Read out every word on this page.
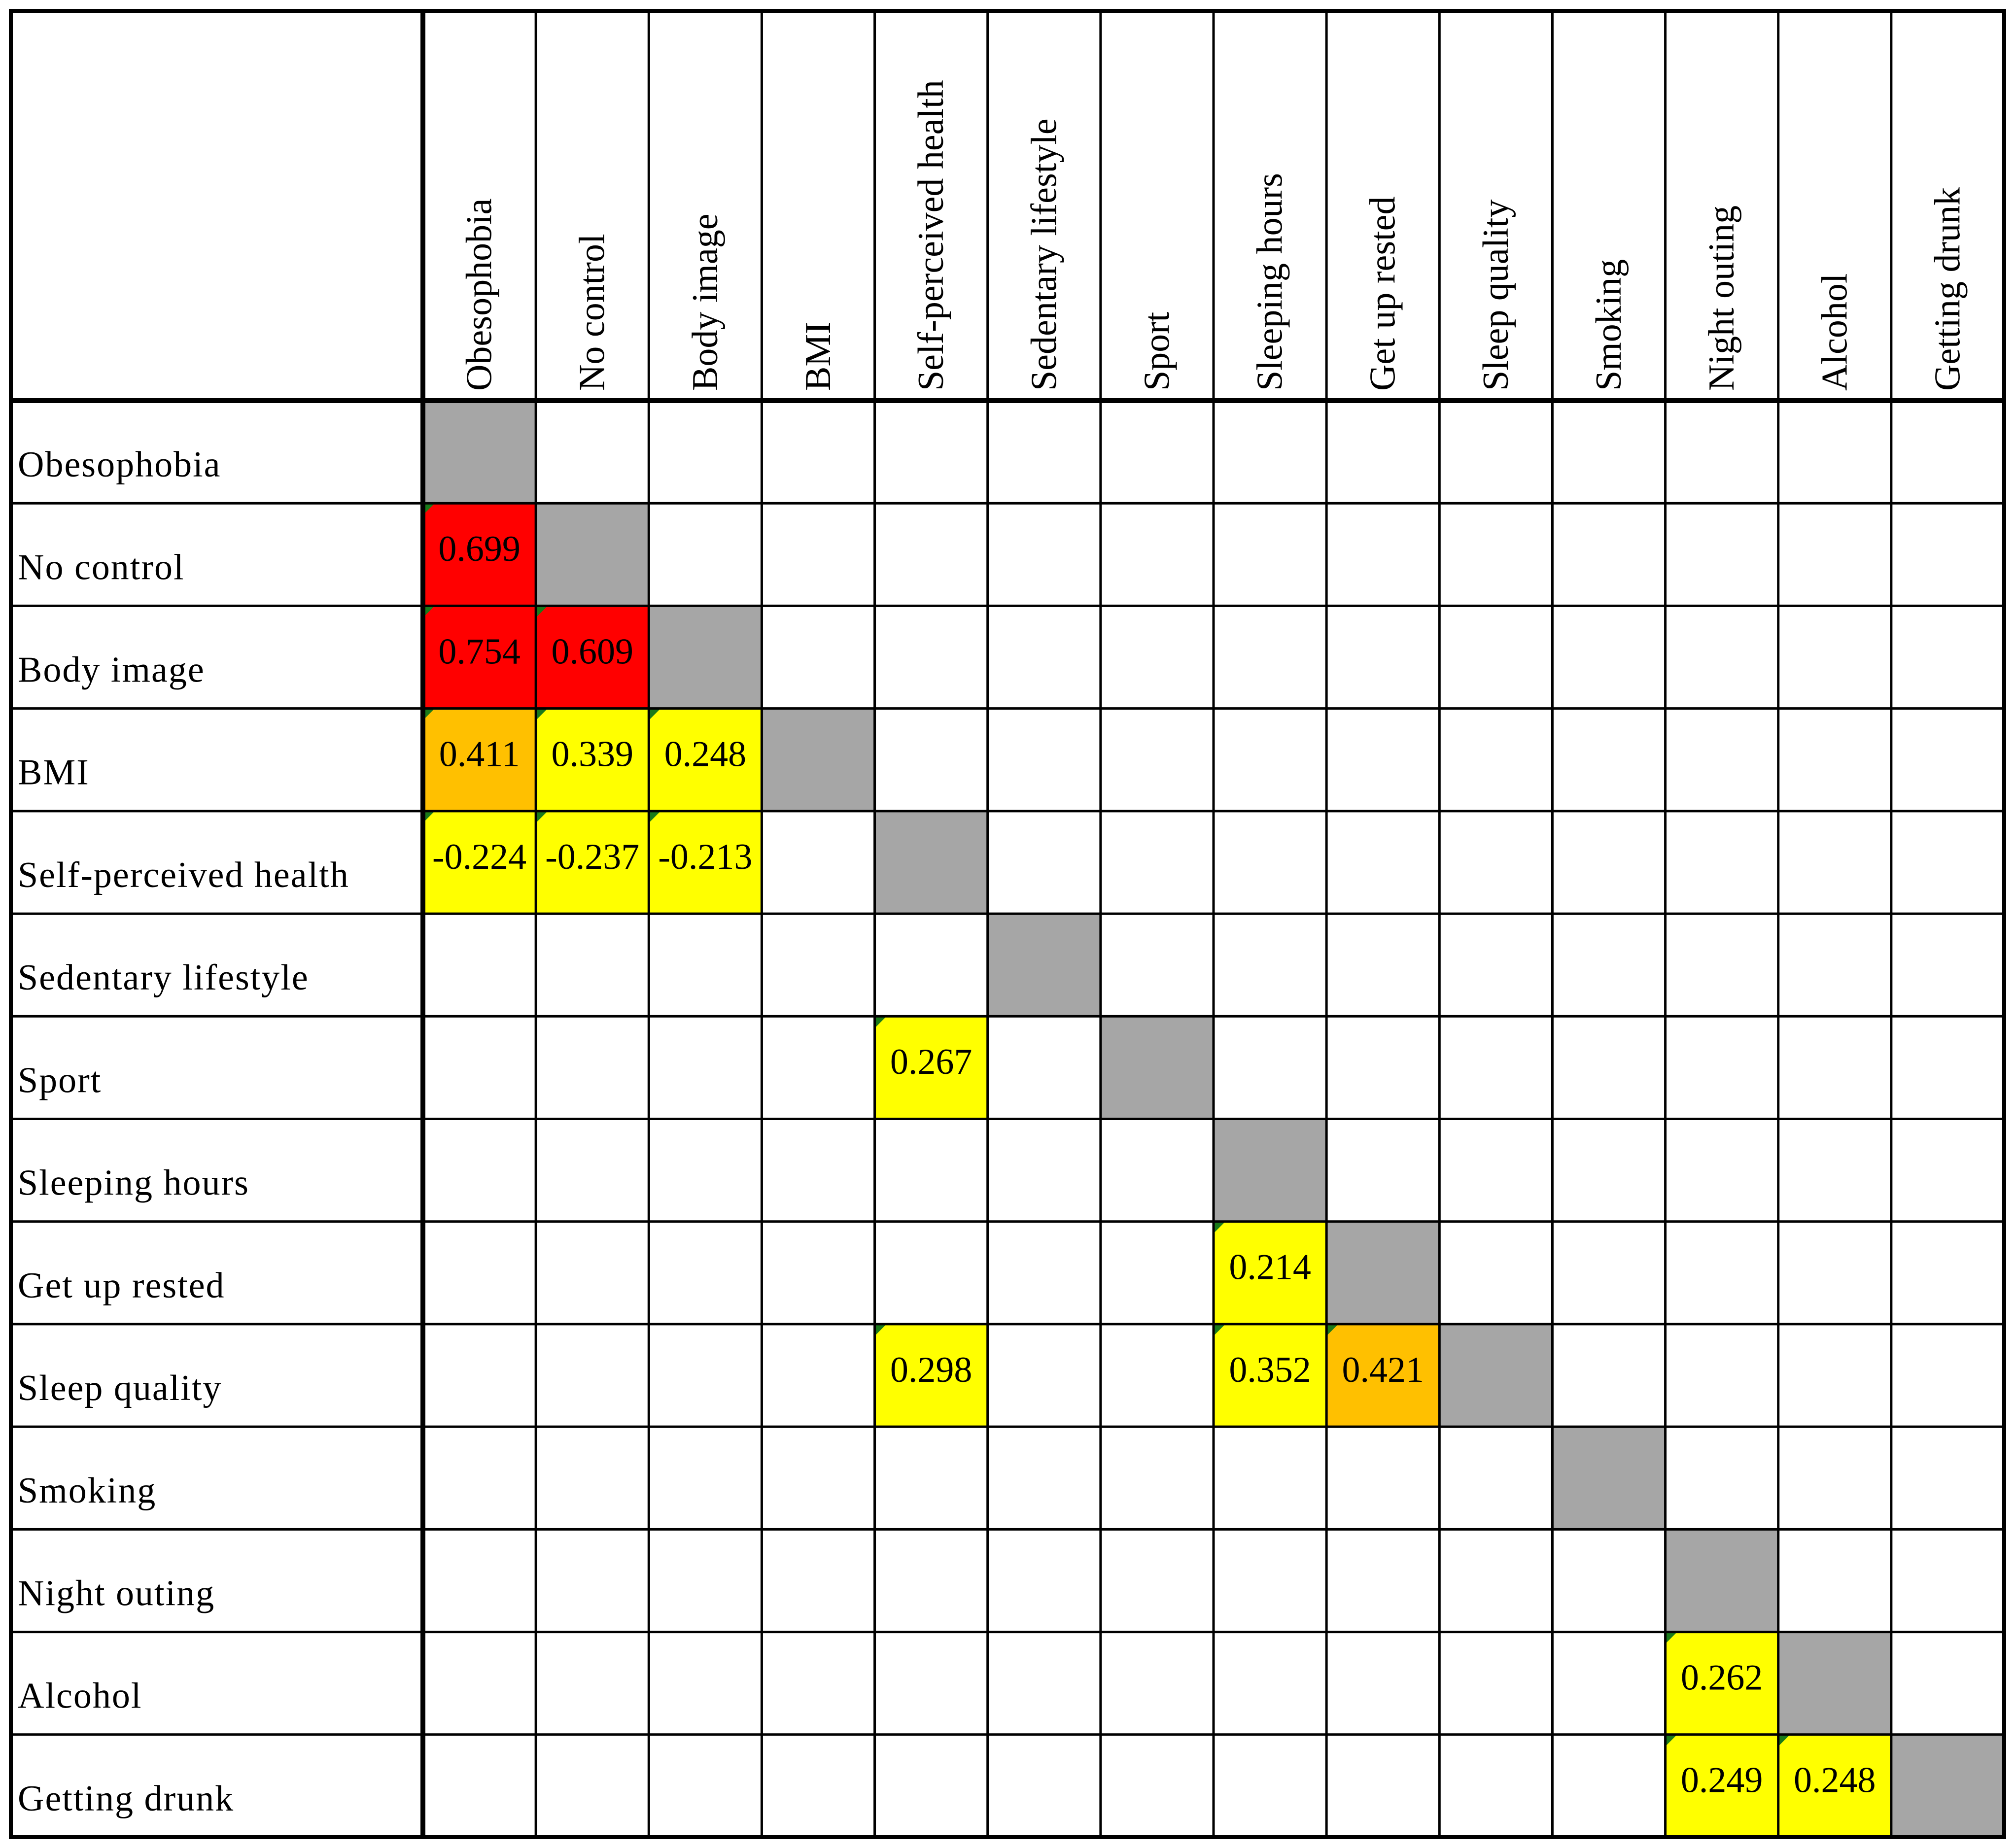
Obesophobia
No control
Body image
BMI
Self-perceived health
Sedentary lifestyle
Sport
Sleeping hours
Get up rested
Sleep quality
Smoking
Night outing
Alcohol
Getting drunk
Obesophobia No control Body image BMI Self-perceived health Sedentary lifestyle Sport Sleeping hours Get up rested Sleep quality Smoking Night outing Alcohol Getting drunk
0.699
0.754 0.609
0.411 0.339 0.248
-0.224 -0.237 -0.213
0.267
0.214
0.298	0.352 0.421
0.262
0.249 0.248
